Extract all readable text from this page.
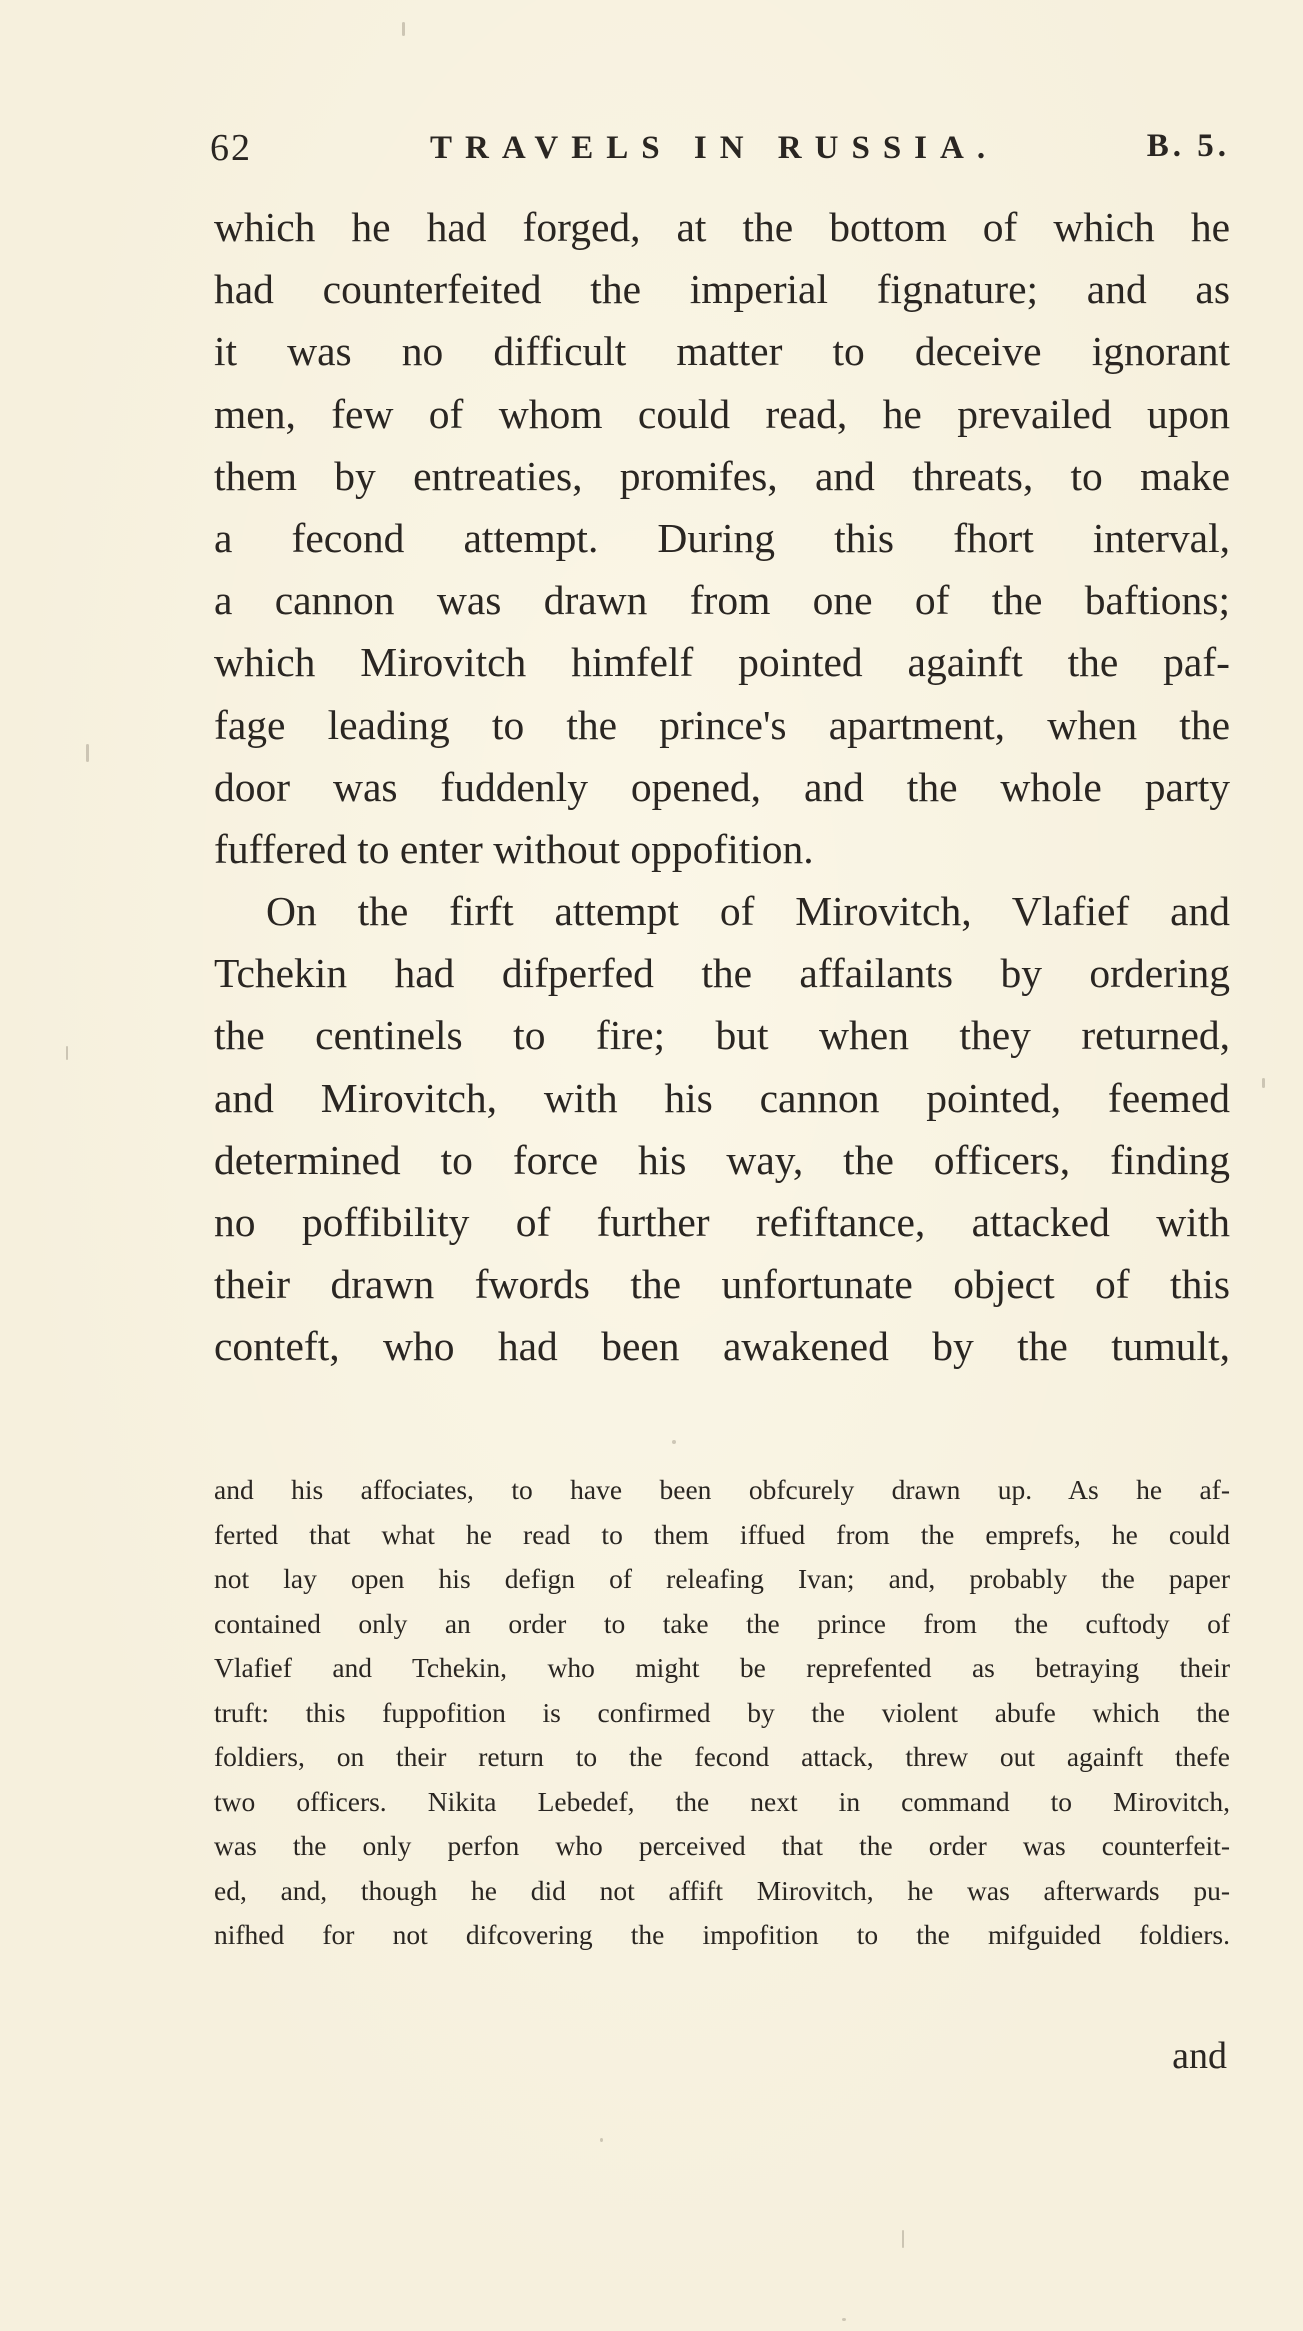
62	TRAVELS IN RUSSIA.	B. 5.
which he had forged, at the bottom of which he
had counterfeited the imperial fignature; and as
it was no difficult matter to deceive ignorant
men, few of whom could read, he prevailed upon
them by entreaties, promifes, and threats, to make
a fecond attempt. During this fhort interval,
a cannon was drawn from one of the baftions;
which Mirovitch himfelf pointed againft the paf-
fage leading to the prince's apartment, when the
door was fuddenly opened, and the whole party
fuffered to enter without oppofition.
On the firft attempt of Mirovitch, Vlafief and
Tchekin had difperfed the affailants by ordering
the centinels to fire; but when they returned,
and Mirovitch, with his cannon pointed, feemed
determined to force his way, the officers, finding
no poffibility of further refiftance, attacked with
their drawn fwords the unfortunate object of this
conteft, who had been awakened by the tumult,
and his affociates, to have been obfcurely drawn up. As he af-
ferted that what he read to them iffued from the emprefs, he could
not lay open his defign of releafing Ivan; and, probably the paper
contained only an order to take the prince from the cuftody of
Vlafief and Tchekin, who might be reprefented as betraying their
truft: this fuppofition is confirmed by the violent abufe which the
foldiers, on their return to the fecond attack, threw out againft thefe
two officers. Nikita Lebedef, the next in command to Mirovitch,
was the only perfon who perceived that the order was counterfeit-
ed, and, though he did not affift Mirovitch, he was afterwards pu-
nifhed for not difcovering the impofition to the mifguided foldiers.
and
